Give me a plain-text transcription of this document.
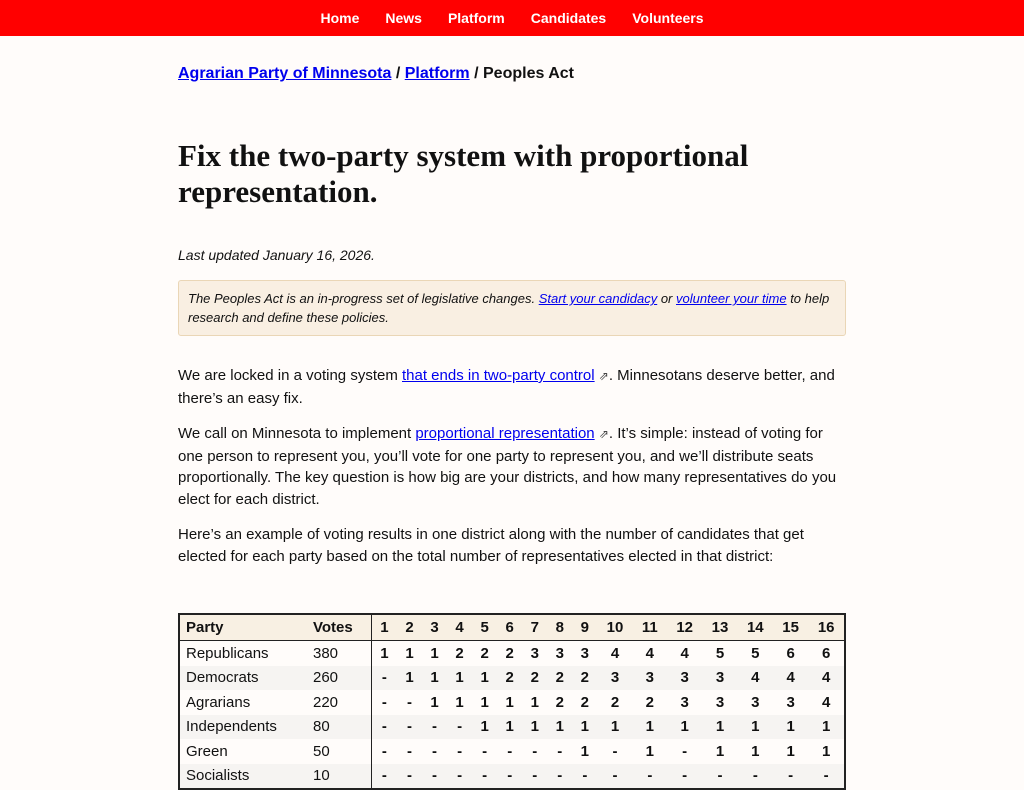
Home News Platform Candidates Volunteers
Agrarian Party of Minnesota / Platform / Peoples Act
Fix the two-party system with proportional representation.
Last updated January 16, 2026.
The Peoples Act is an in-progress set of legislative changes. Start your candidacy or volunteer your time to help research and define these policies.

We are locked in a voting system that ends in two-party control ⇗. Minnesotans deserve better, and there’s an easy fix.

We call on Minnesota to implement proportional representation ⇗. It’s simple: instead of voting for one person to represent you, you’ll vote for one party to represent you, and we’ll distribute seats proportionally. The key question is how big are your districts, and how many representatives do you elect for each district.

Here’s an example of voting results in one district along with the number of candidates that get elected for each party based on the total number of representatives elected in that district:

Party	Votes	1	2	3	4	5	6	7	8	9	10	11	12	13	14	15	16
Republicans	380	1	1	1	2	2	2	3	3	3	4	4	4	5	5	6	6
Democrats	260	-	1	1	1	1	2	2	2	2	3	3	3	3	4	4	4
Agrarians	220	-	-	1	1	1	1	1	2	2	2	2	3	3	3	3	4
Independents	80	-	-	-	-	1	1	1	1	1	1	1	1	1	1	1	1
Green	50	-	-	-	-	-	-	-	-	1	-	1	-	1	1	1	1
Socialists	10	-	-	-	-	-	-	-	-	-	-	-	-	-	-	-	-
